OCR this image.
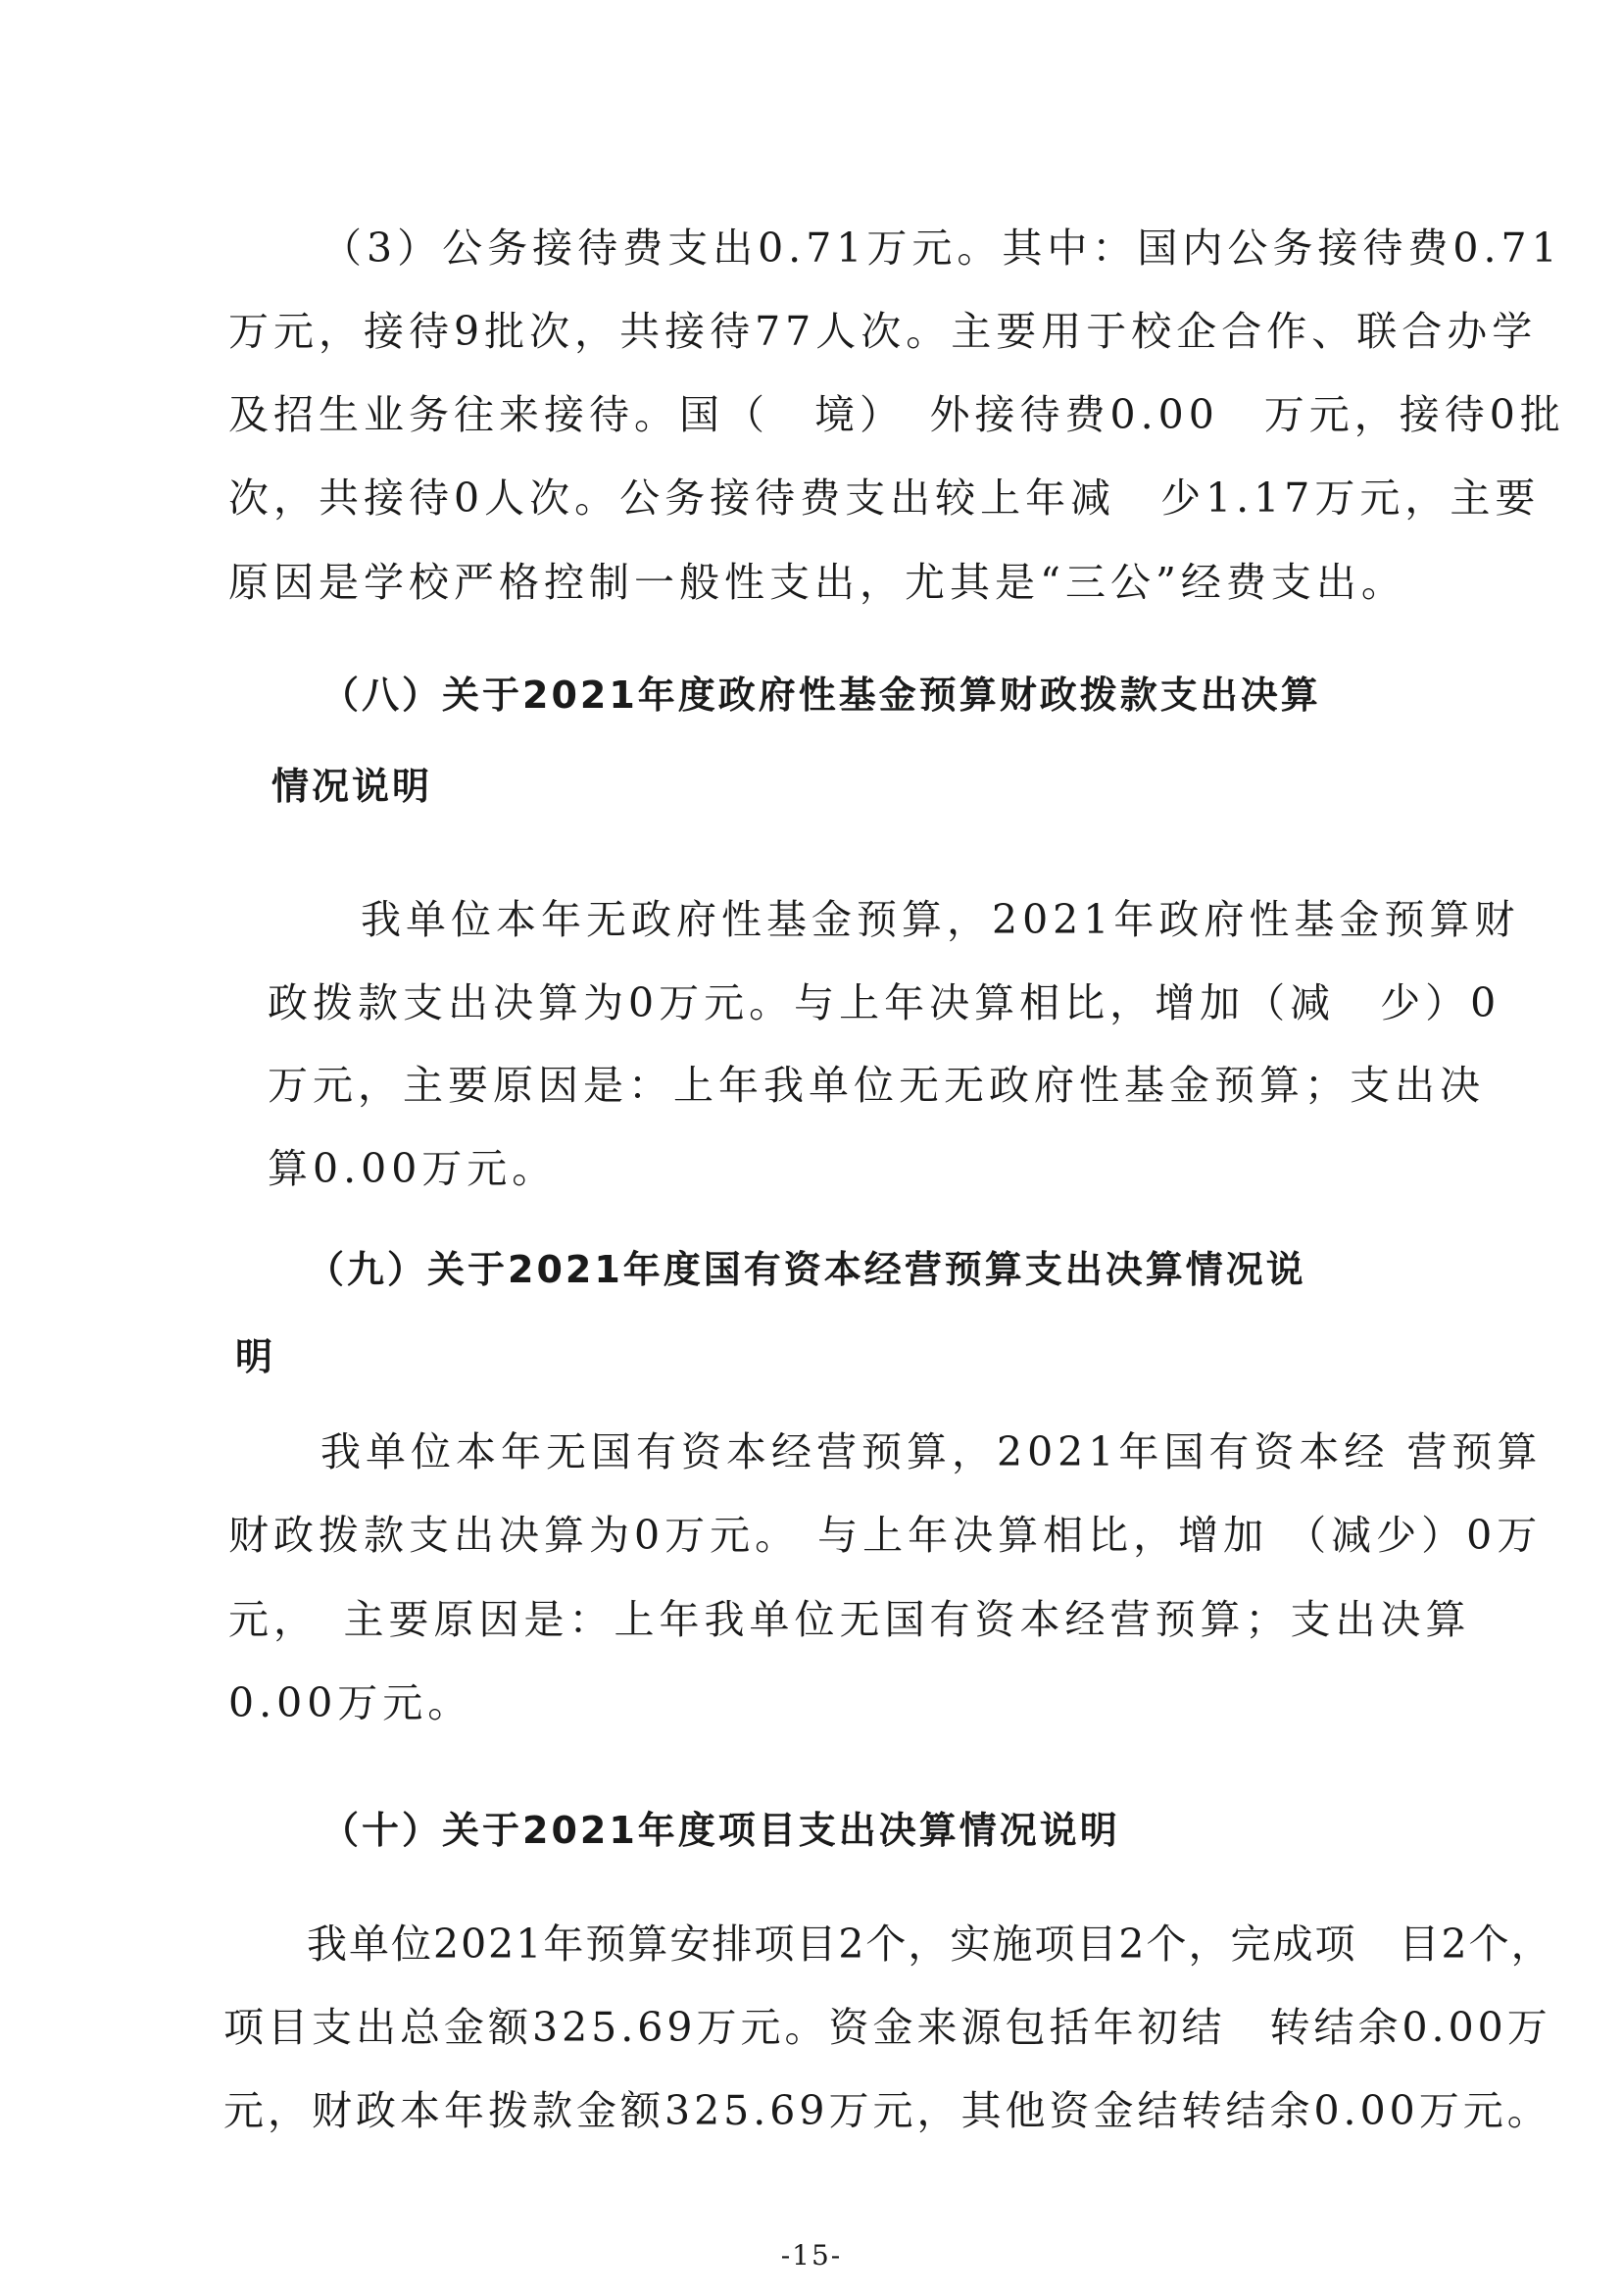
（3）公务接待费支出0.71万元。其中：国内公务接待费0.71
万元，接待9批次，共接待77人次。主要用于校企合作、联合办学
及招生业务往来接待。国（　境）　外接待费0.00　万元，接待0批
次，共接待0人次。公务接待费支出较上年减　少1.17万元，主要
原因是学校严格控制一般性支出，尤其是“三公”经费支出。
（八）关于2021年度政府性基金预算财政拨款支出决算
情况说明
我单位本年无政府性基金预算，2021年政府性基金预算财
政拨款支出决算为0万元。与上年决算相比，增加（减　少）0
万元，主要原因是：上年我单位无无政府性基金预算；支出决
算0.00万元。
（九）关于2021年度国有资本经营预算支出决算情况说
明
我单位本年无国有资本经营预算，2021年国有资本经 营预算
财政拨款支出决算为0万元。 与上年决算相比，增加 （减少）0万
元，　主要原因是：上年我单位无国有资本经营预算；支出决算
0.00万元。
（十）关于2021年度项目支出决算情况说明
我单位2021年预算安排项目2个，实施项目2个，完成项　目2个，
项目支出总金额325.69万元。资金来源包括年初结　转结余0.00万
元，财政本年拨款金额325.69万元，其他资金结转结余0.00万元。
-15-
